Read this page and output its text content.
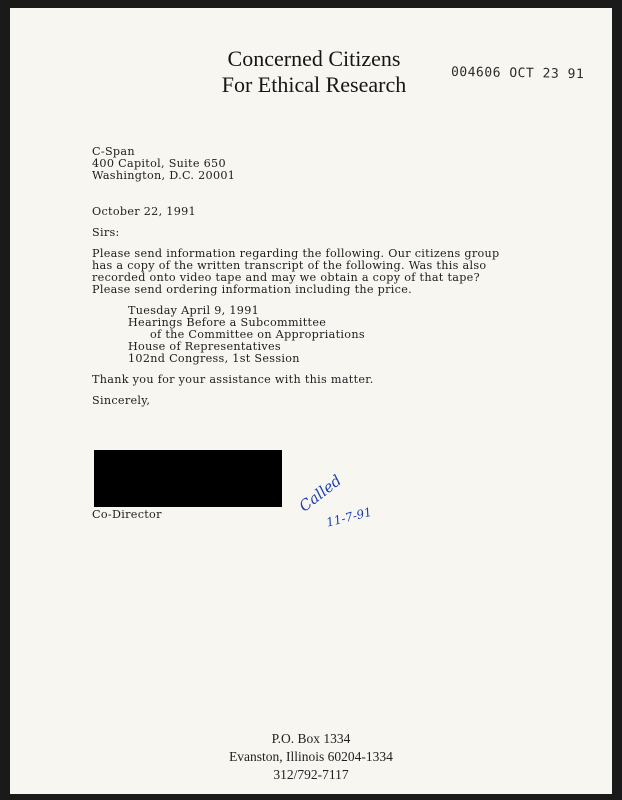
Concerned Citizens
For Ethical Research	004606 OCT 23 91
C-Span
400 Capitol, Suite 650
Washington, D.C. 20001
October 22, 1991
Sirs:
Please send information regarding the following. Our citizens group
has a copy of the written transcript of the following. Was this also
recorded onto video tape and may we obtain a copy of that tape?
Please send ordering information including the price.
Tuesday April 9, 1991
Hearings Before a Subcommittee
of the Committee on Appropriations
House of Representatives
102nd Congress, 1st Session
Thank you for your assistance with this matter.
Sincerely,
Co-Director	Called
11-7-91
P.O. Box 1334
Evanston, Illinois 60204-1334
312/792-7117
